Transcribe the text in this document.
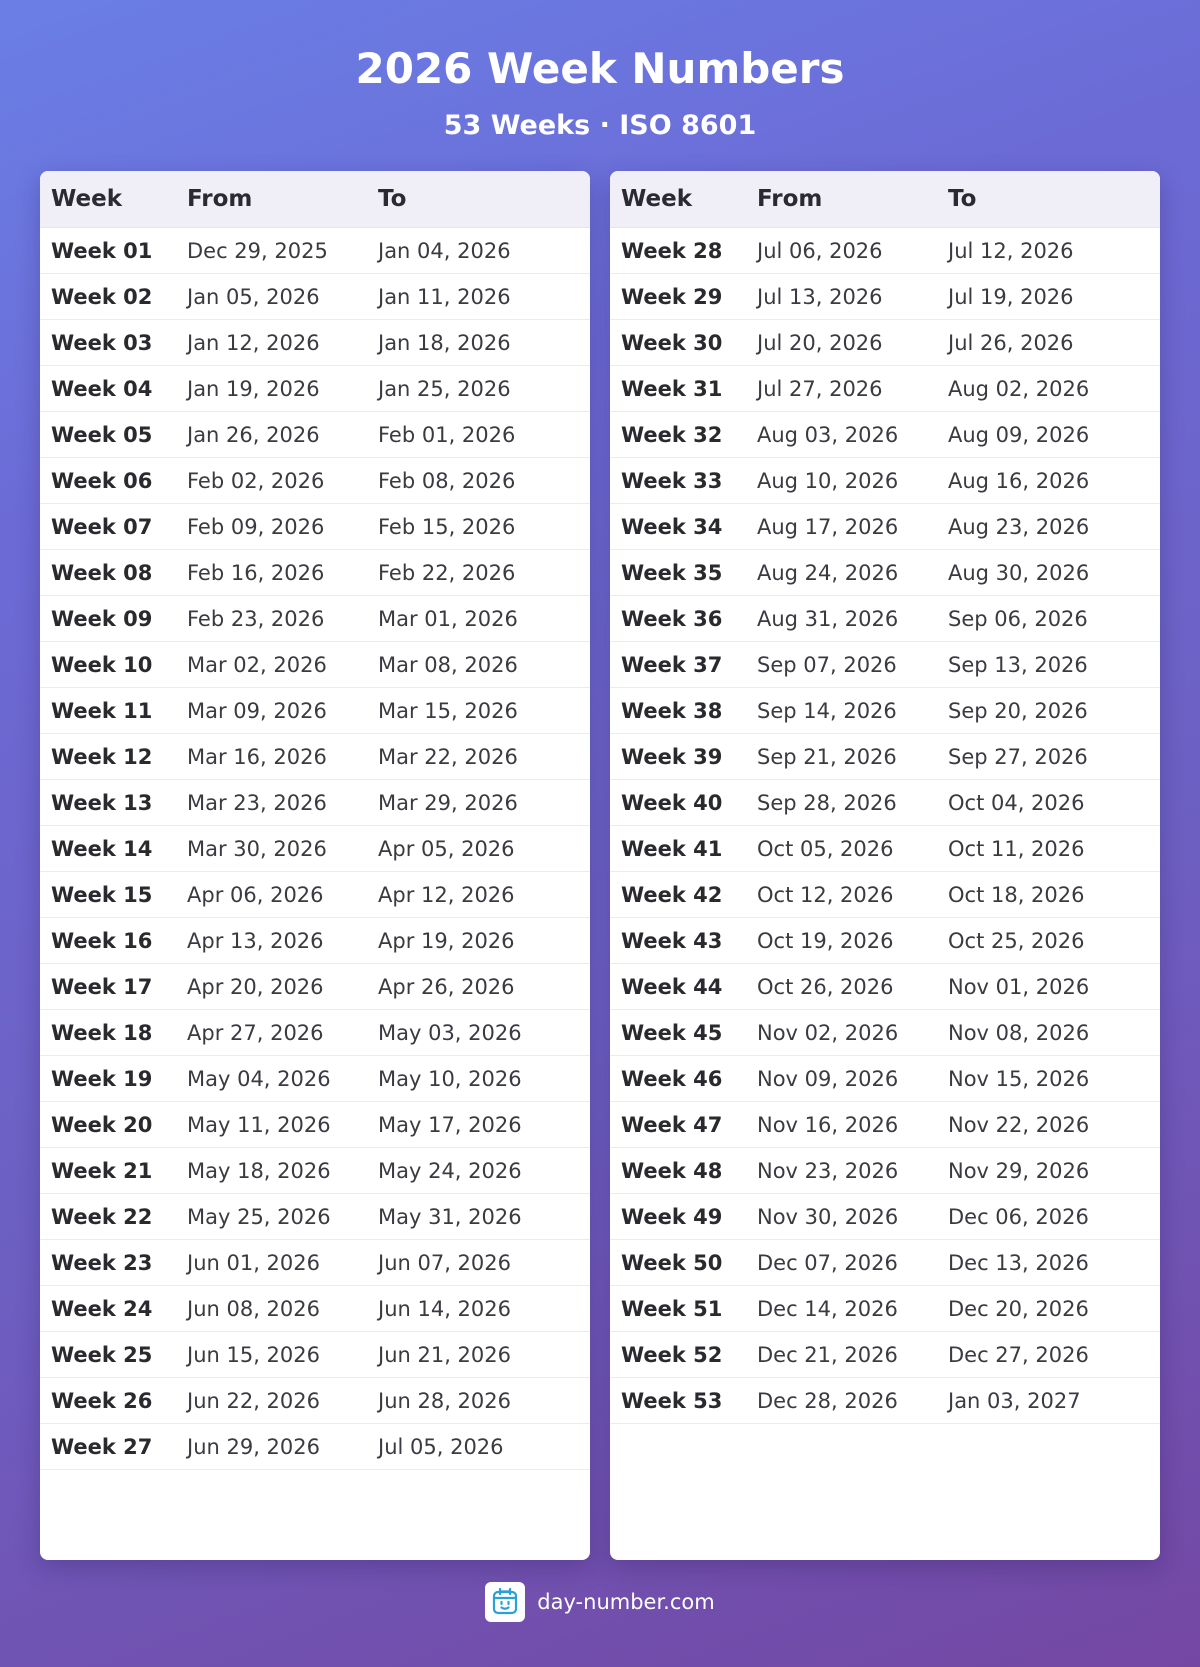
2026 Week Numbers
53 Weeks · ISO 8601
Week	From	To
Week 01	Dec 29, 2025	Jan 04, 2026
Week 02	Jan 05, 2026	Jan 11, 2026
Week 03	Jan 12, 2026	Jan 18, 2026
Week 04	Jan 19, 2026	Jan 25, 2026
Week 05	Jan 26, 2026	Feb 01, 2026
Week 06	Feb 02, 2026	Feb 08, 2026
Week 07	Feb 09, 2026	Feb 15, 2026
Week 08	Feb 16, 2026	Feb 22, 2026
Week 09	Feb 23, 2026	Mar 01, 2026
Week 10	Mar 02, 2026	Mar 08, 2026
Week 11	Mar 09, 2026	Mar 15, 2026
Week 12	Mar 16, 2026	Mar 22, 2026
Week 13	Mar 23, 2026	Mar 29, 2026
Week 14	Mar 30, 2026	Apr 05, 2026
Week 15	Apr 06, 2026	Apr 12, 2026
Week 16	Apr 13, 2026	Apr 19, 2026
Week 17	Apr 20, 2026	Apr 26, 2026
Week 18	Apr 27, 2026	May 03, 2026
Week 19	May 04, 2026	May 10, 2026
Week 20	May 11, 2026	May 17, 2026
Week 21	May 18, 2026	May 24, 2026
Week 22	May 25, 2026	May 31, 2026
Week 23	Jun 01, 2026	Jun 07, 2026
Week 24	Jun 08, 2026	Jun 14, 2026
Week 25	Jun 15, 2026	Jun 21, 2026
Week 26	Jun 22, 2026	Jun 28, 2026
Week 27	Jun 29, 2026	Jul 05, 2026
Week	From	To
Week 28	Jul 06, 2026	Jul 12, 2026
Week 29	Jul 13, 2026	Jul 19, 2026
Week 30	Jul 20, 2026	Jul 26, 2026
Week 31	Jul 27, 2026	Aug 02, 2026
Week 32	Aug 03, 2026	Aug 09, 2026
Week 33	Aug 10, 2026	Aug 16, 2026
Week 34	Aug 17, 2026	Aug 23, 2026
Week 35	Aug 24, 2026	Aug 30, 2026
Week 36	Aug 31, 2026	Sep 06, 2026
Week 37	Sep 07, 2026	Sep 13, 2026
Week 38	Sep 14, 2026	Sep 20, 2026
Week 39	Sep 21, 2026	Sep 27, 2026
Week 40	Sep 28, 2026	Oct 04, 2026
Week 41	Oct 05, 2026	Oct 11, 2026
Week 42	Oct 12, 2026	Oct 18, 2026
Week 43	Oct 19, 2026	Oct 25, 2026
Week 44	Oct 26, 2026	Nov 01, 2026
Week 45	Nov 02, 2026	Nov 08, 2026
Week 46	Nov 09, 2026	Nov 15, 2026
Week 47	Nov 16, 2026	Nov 22, 2026
Week 48	Nov 23, 2026	Nov 29, 2026
Week 49	Nov 30, 2026	Dec 06, 2026
Week 50	Dec 07, 2026	Dec 13, 2026
Week 51	Dec 14, 2026	Dec 20, 2026
Week 52	Dec 21, 2026	Dec 27, 2026
Week 53	Dec 28, 2026	Jan 03, 2027
day-number.com
